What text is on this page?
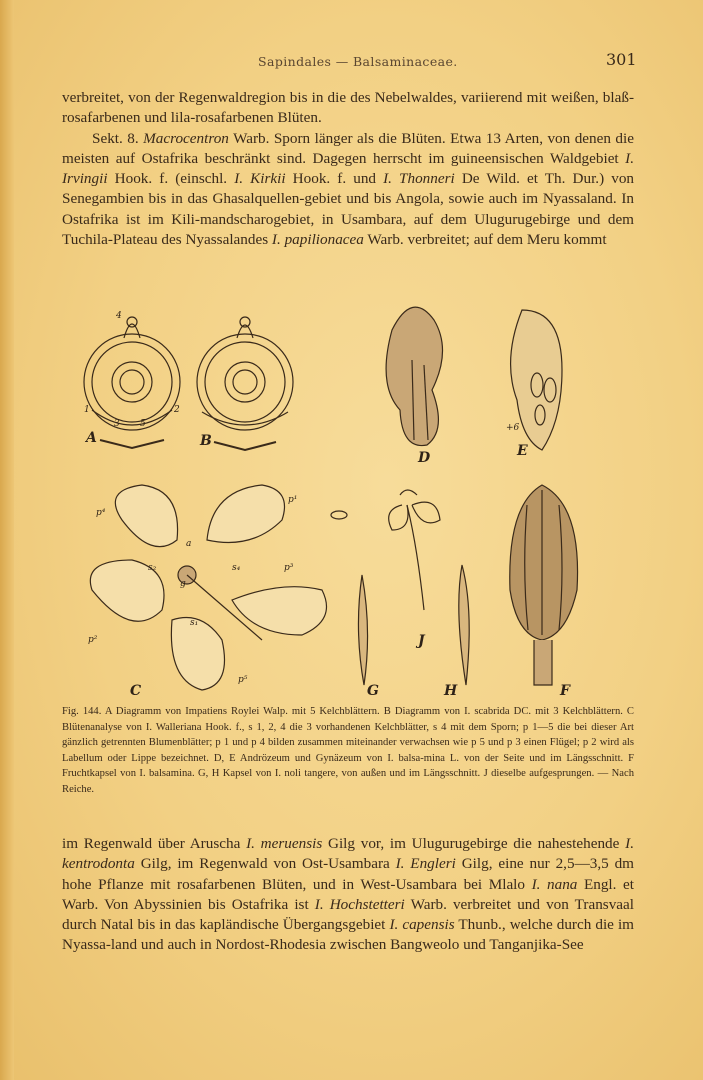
Sapindales — Balsaminaceae.	301

verbreitet, von der Regenwaldregion bis in die des Nebelwaldes, variierend mit weißen, blaß-rosafarbenen und lila-rosafarbenen Blüten.

Sekt. 8. Macrocentron Warb. Sporn länger als die Blüten. Etwa 13 Arten, von denen die meisten auf Ostafrika beschränkt sind. Dagegen herrscht im guineensischen Waldgebiet I. Irvingii Hook. f. (einschl. I. Kirkii Hook. f. und I. Thonneri De Wild. et Th. Dur.) von Senegambien bis in das Ghasalquellen-gebiet und bis Angola, sowie auch im Nyassaland. In Ostafrika ist im Kili-mandscharogebiet, in Usambara, auf dem Ulugurugebirge und dem Tuchila-Plateau des Nyassalandes I. papilionacea Warb. verbreitet; auf dem Meru kommt

A	B
D	E
C	G	H	F
J
1	2
3
4
5
p¹
p²
p³
p⁴
p⁵
s₁
s₂	s₄
a
g
+6

Fig. 144. A Diagramm von Impatiens Roylei Walp. mit 5 Kelchblättern. B Diagramm von I. scabrida DC. mit 3 Kelchblättern. C Blütenanalyse von I. Walleriana Hook. f., s 1, 2, 4 die 3 vorhandenen Kelchblätter, s 4 mit dem Sporn; p 1—5 die bei dieser Art gänzlich getrennten Blumenblätter; p 1 und p 4 bilden zusammen miteinander verwachsen wie p 5 und p 3 einen Flügel; p 2 wird als Labellum oder Lippe bezeichnet. D, E Andrözeum und Gynäzeum von I. balsa-mina L. von der Seite und im Längsschnitt. F Fruchtkapsel von I. balsamina. G, H Kapsel von I. noli tangere, von außen und im Längsschnitt. J dieselbe aufgesprungen. — Nach Reiche.

im Regenwald über Aruscha I. meruensis Gilg vor, im Ulugurugebirge die nahestehende I. kentrodonta Gilg, im Regenwald von Ost-Usambara I. Engleri Gilg, eine nur 2,5—3,5 dm hohe Pflanze mit rosafarbenen Blüten, und in West-Usambara bei Mlalo I. nana Engl. et Warb. Von Abyssinien bis Ostafrika ist I. Hochstetteri Warb. verbreitet und von Transvaal durch Natal bis in das kapländische Übergangsgebiet I. capensis Thunb., welche durch die im Nyassa-land und auch in Nordost-Rhodesia zwischen Bangweolo und Tanganjika-See
